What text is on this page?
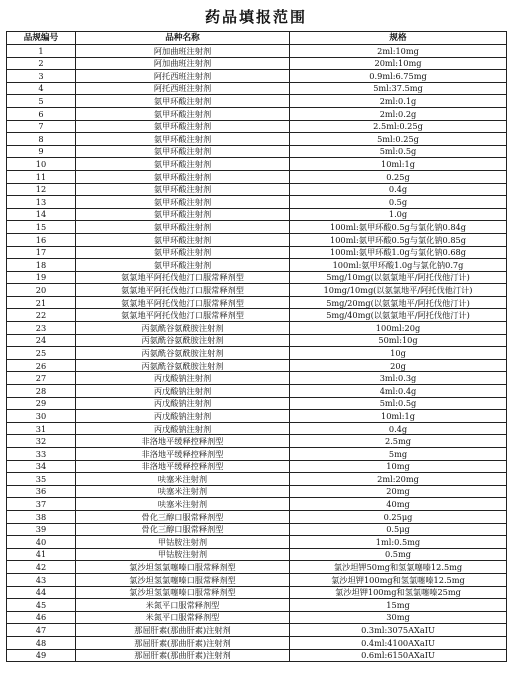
药品填报范围
品规编号	品种名称	规格
1	阿加曲班注射剂	2ml:10mg
2	阿加曲班注射剂	20ml:10mg
3	阿托西班注射剂	0.9ml:6.75mg
4	阿托西班注射剂	5ml:37.5mg
5	氨甲环酸注射剂	2ml:0.1g
6	氨甲环酸注射剂	2ml:0.2g
7	氨甲环酸注射剂	2.5ml:0.25g
8	氨甲环酸注射剂	5ml:0.25g
9	氨甲环酸注射剂	5ml:0.5g
10	氨甲环酸注射剂	10ml:1g
11	氨甲环酸注射剂	0.25g
12	氨甲环酸注射剂	0.4g
13	氨甲环酸注射剂	0.5g
14	氨甲环酸注射剂	1.0g
15	氨甲环酸注射剂	100ml:氨甲环酸0.5g与氯化钠0.84g
16	氨甲环酸注射剂	100ml:氨甲环酸0.5g与氯化钠0.85g
17	氨甲环酸注射剂	100ml:氨甲环酸1.0g与氯化钠0.68g
18	氨甲环酸注射剂	100ml:氨甲环酸1.0g与氯化钠0.7g
19	氨氯地平阿托伐他汀口服常释剂型	5mg/10mg(以氨氯地平/阿托伐他汀计)
20	氨氯地平阿托伐他汀口服常释剂型	10mg/10mg(以氨氯地平/阿托伐他汀计)
21	氨氯地平阿托伐他汀口服常释剂型	5mg/20mg(以氨氯地平/阿托伐他汀计)
22	氨氯地平阿托伐他汀口服常释剂型	5mg/40mg(以氨氯地平/阿托伐他汀计)
23	丙氨酰谷氨酰胺注射剂	100ml:20g
24	丙氨酰谷氨酰胺注射剂	50ml:10g
25	丙氨酰谷氨酰胺注射剂	10g
26	丙氨酰谷氨酰胺注射剂	20g
27	丙戊酸钠注射剂	3ml:0.3g
28	丙戊酸钠注射剂	4ml:0.4g
29	丙戊酸钠注射剂	5ml:0.5g
30	丙戊酸钠注射剂	10ml:1g
31	丙戊酸钠注射剂	0.4g
32	非洛地平缓释控释剂型	2.5mg
33	非洛地平缓释控释剂型	5mg
34	非洛地平缓释控释剂型	10mg
35	呋塞米注射剂	2ml:20mg
36	呋塞米注射剂	20mg
37	呋塞米注射剂	40mg
38	骨化三醇口服常释剂型	0.25μg
39	骨化三醇口服常释剂型	0.5μg
40	甲钴胺注射剂	1ml:0.5mg
41	甲钴胺注射剂	0.5mg
42	氯沙坦氢氯噻嗪口服常释剂型	氯沙坦钾50mg和氢氯噻嗪12.5mg
43	氯沙坦氢氯噻嗪口服常释剂型	氯沙坦钾100mg和氢氯噻嗪12.5mg
44	氯沙坦氢氯噻嗪口服常释剂型	氯沙坦钾100mg和氢氯噻嗪25mg
45	米氮平口服常释剂型	15mg
46	米氮平口服常释剂型	30mg
47	那屈肝素(那曲肝素)注射剂	0.3ml:3075AXaIU
48	那屈肝素(那曲肝素)注射剂	0.4ml:4100AXaIU
49	那屈肝素(那曲肝素)注射剂	0.6ml:6150AXaIU
